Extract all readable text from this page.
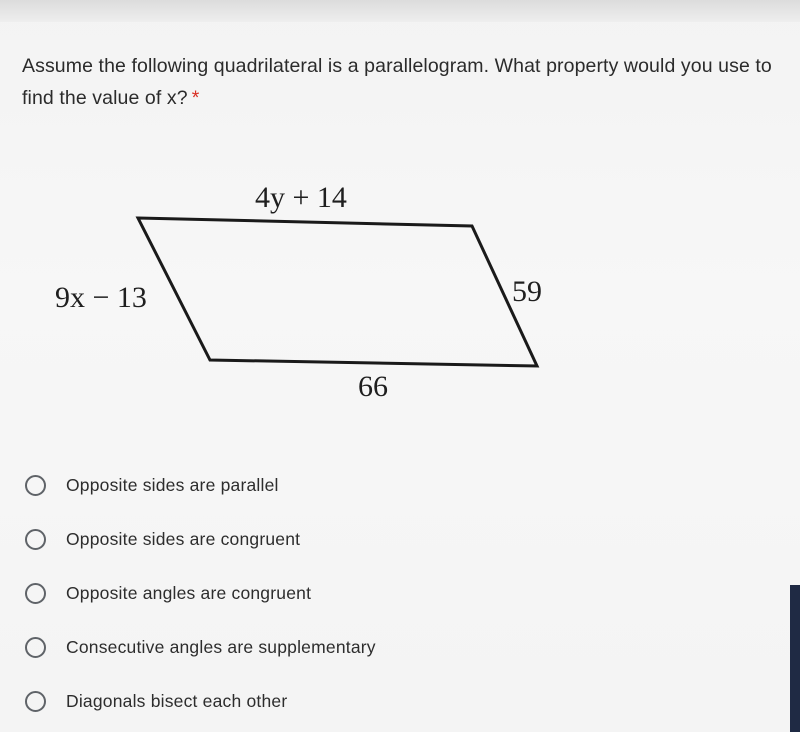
Assume the following quadrilateral is a parallelogram. What property would you use to find the value of x? *
4y + 14
9x − 13	59
66
Opposite sides are parallel
Opposite sides are congruent
Opposite angles are congruent
Consecutive angles are supplementary
Diagonals bisect each other
